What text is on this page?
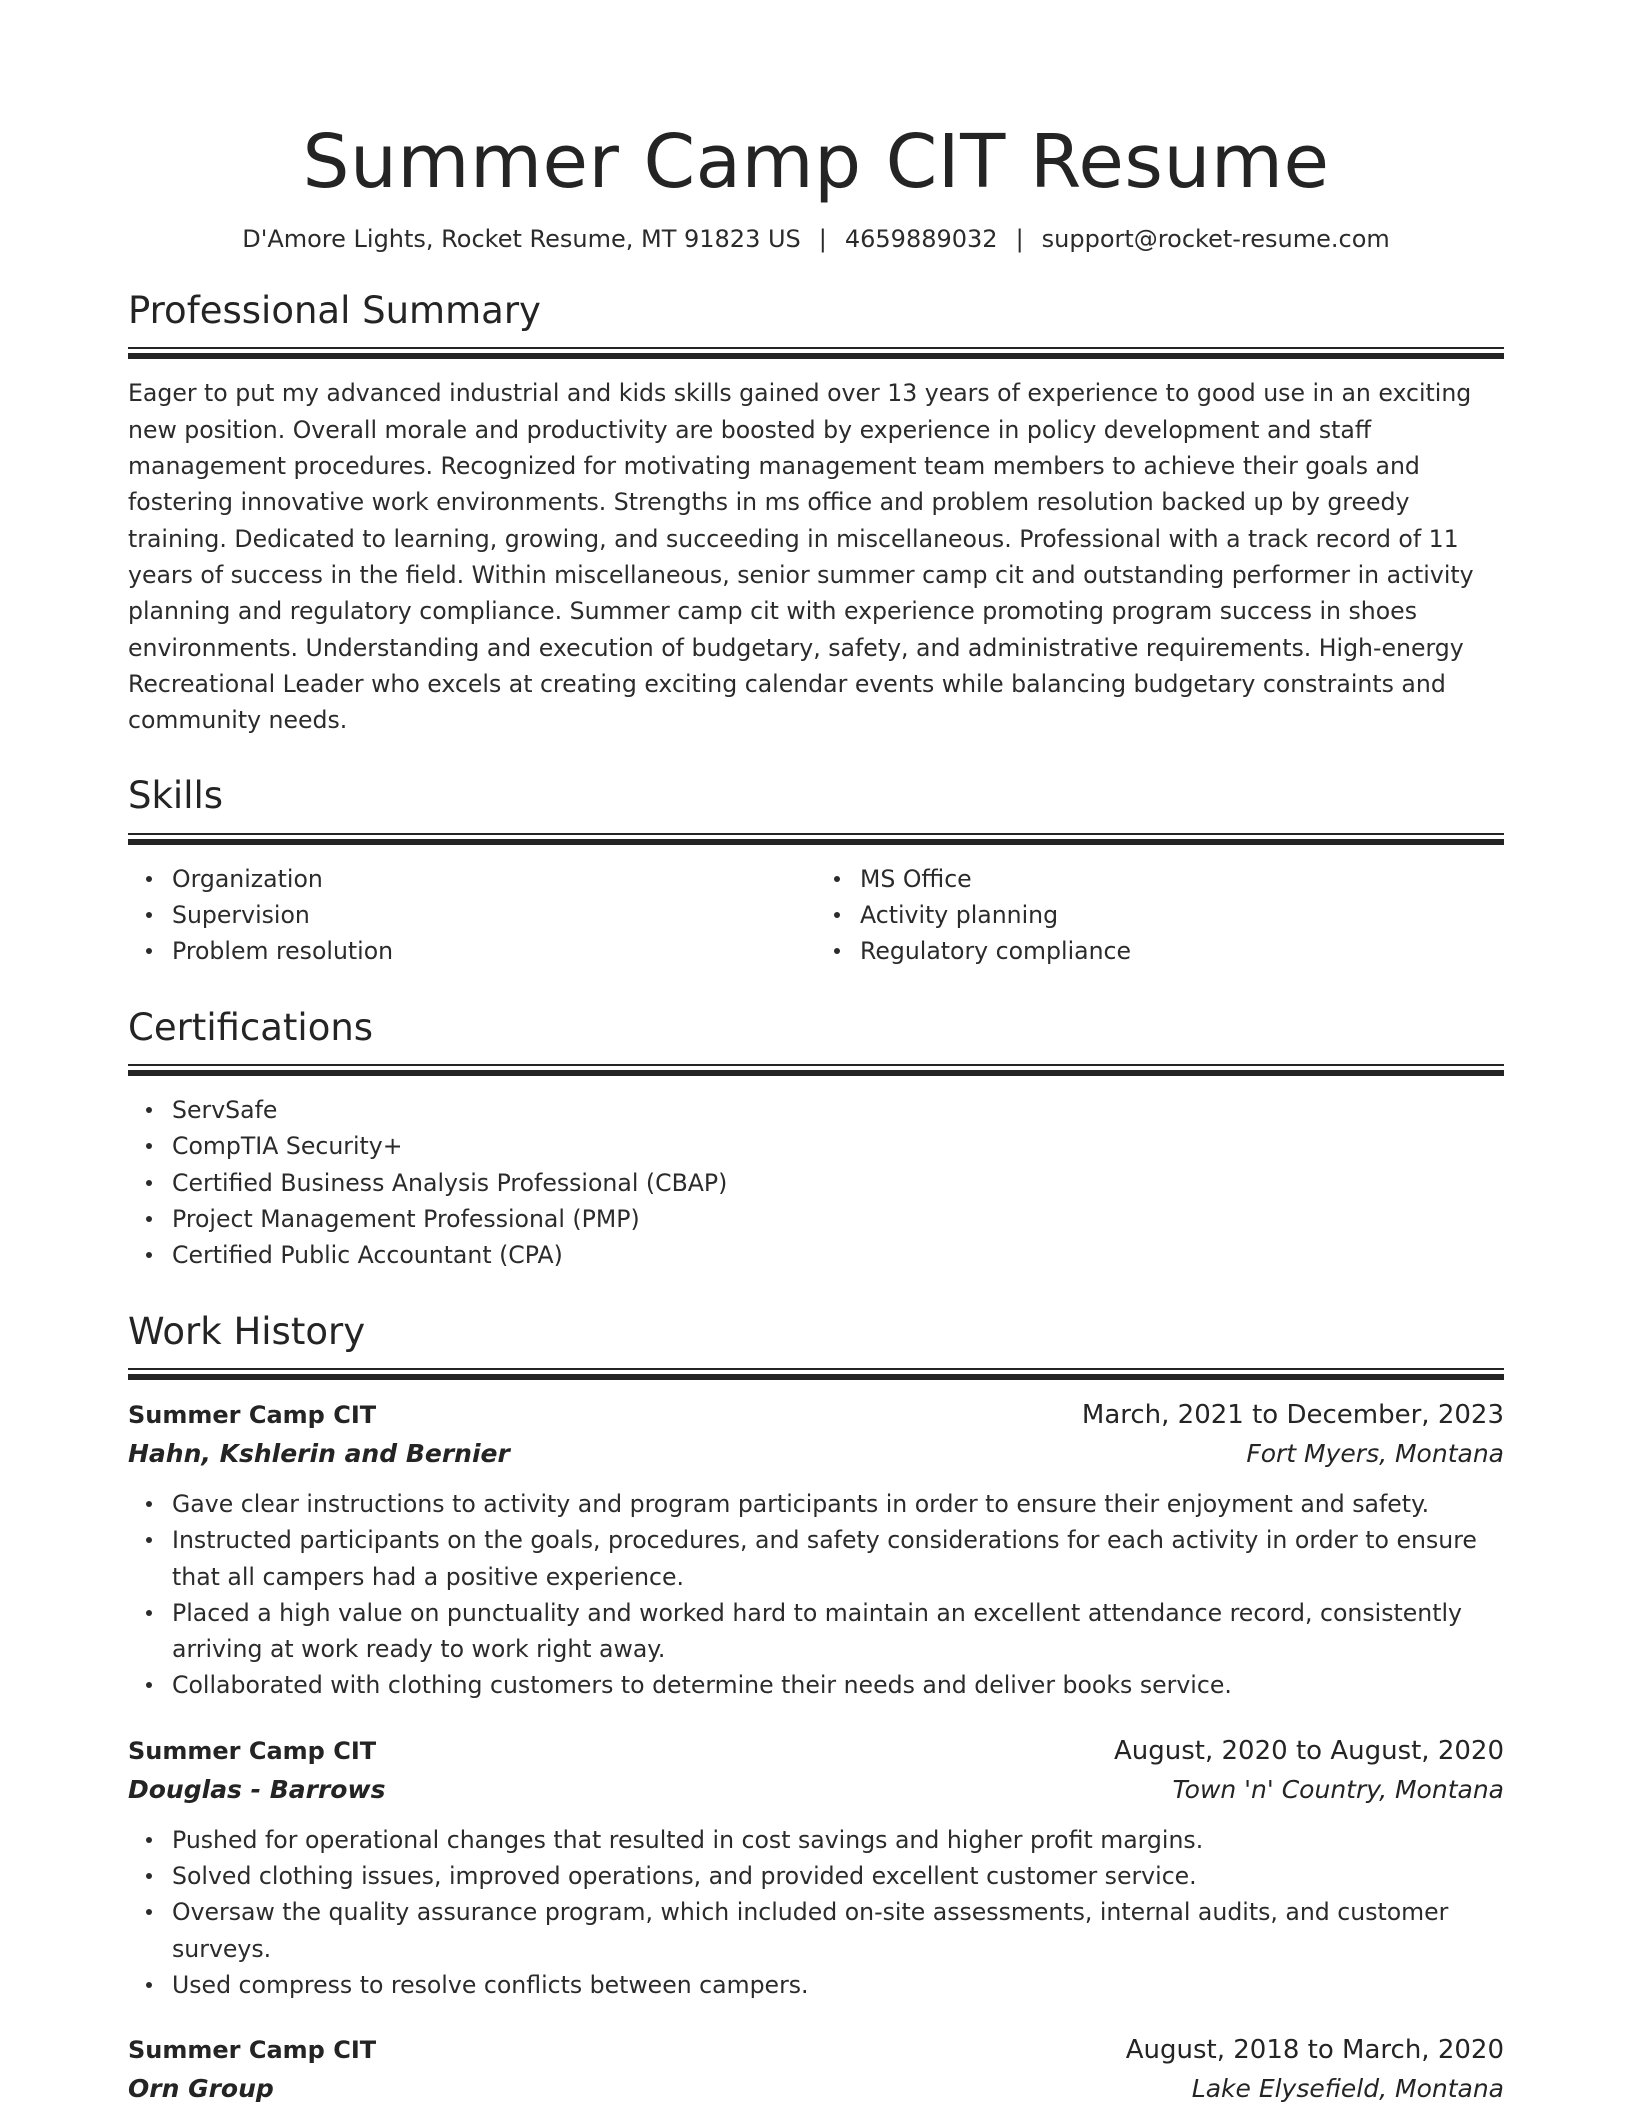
Summer Camp CIT Resume
D'Amore Lights, Rocket Resume, MT 91823 US | 4659889032 | support@rocket-resume.com
Professional Summary

Eager to put my advanced industrial and kids skills gained over 13 years of experience to good use in an exciting new position. Overall morale and productivity are boosted by experience in policy development and staff management procedures. Recognized for motivating management team members to achieve their goals and fostering innovative work environments. Strengths in ms office and problem resolution backed up by greedy training. Dedicated to learning, growing, and succeeding in miscellaneous. Professional with a track record of 11 years of success in the field. Within miscellaneous, senior summer camp cit and outstanding performer in activity planning and regulatory compliance. Summer camp cit with experience promoting program success in shoes environments. Understanding and execution of budgetary, safety, and administrative requirements. High-energy Recreational Leader who excels at creating exciting calendar events while balancing budgetary constraints and community needs.

Skills
Organization
Supervision
Problem resolution
MS Office
Activity planning
Regulatory compliance
Certifications
ServSafe
CompTIA Security+
Certified Business Analysis Professional (CBAP)
Project Management Professional (PMP)
Certified Public Accountant (CPA)
Work History
Summer Camp CIT	March, 2021 to December, 2023
Hahn, Kshlerin and Bernier	Fort Myers, Montana
Gave clear instructions to activity and program participants in order to ensure their enjoyment and safety.
Instructed participants on the goals, procedures, and safety considerations for each activity in order to ensure that all campers had a positive experience.
Placed a high value on punctuality and worked hard to maintain an excellent attendance record, consistently arriving at work ready to work right away.
Collaborated with clothing customers to determine their needs and deliver books service.
Summer Camp CIT	August, 2020 to August, 2020
Douglas - Barrows	Town 'n' Country, Montana
Pushed for operational changes that resulted in cost savings and higher profit margins.
Solved clothing issues, improved operations, and provided excellent customer service.
Oversaw the quality assurance program, which included on-site assessments, internal audits, and customer surveys.
Used compress to resolve conflicts between campers.
Summer Camp CIT	August, 2018 to March, 2020
Orn Group	Lake Elysefield, Montana
